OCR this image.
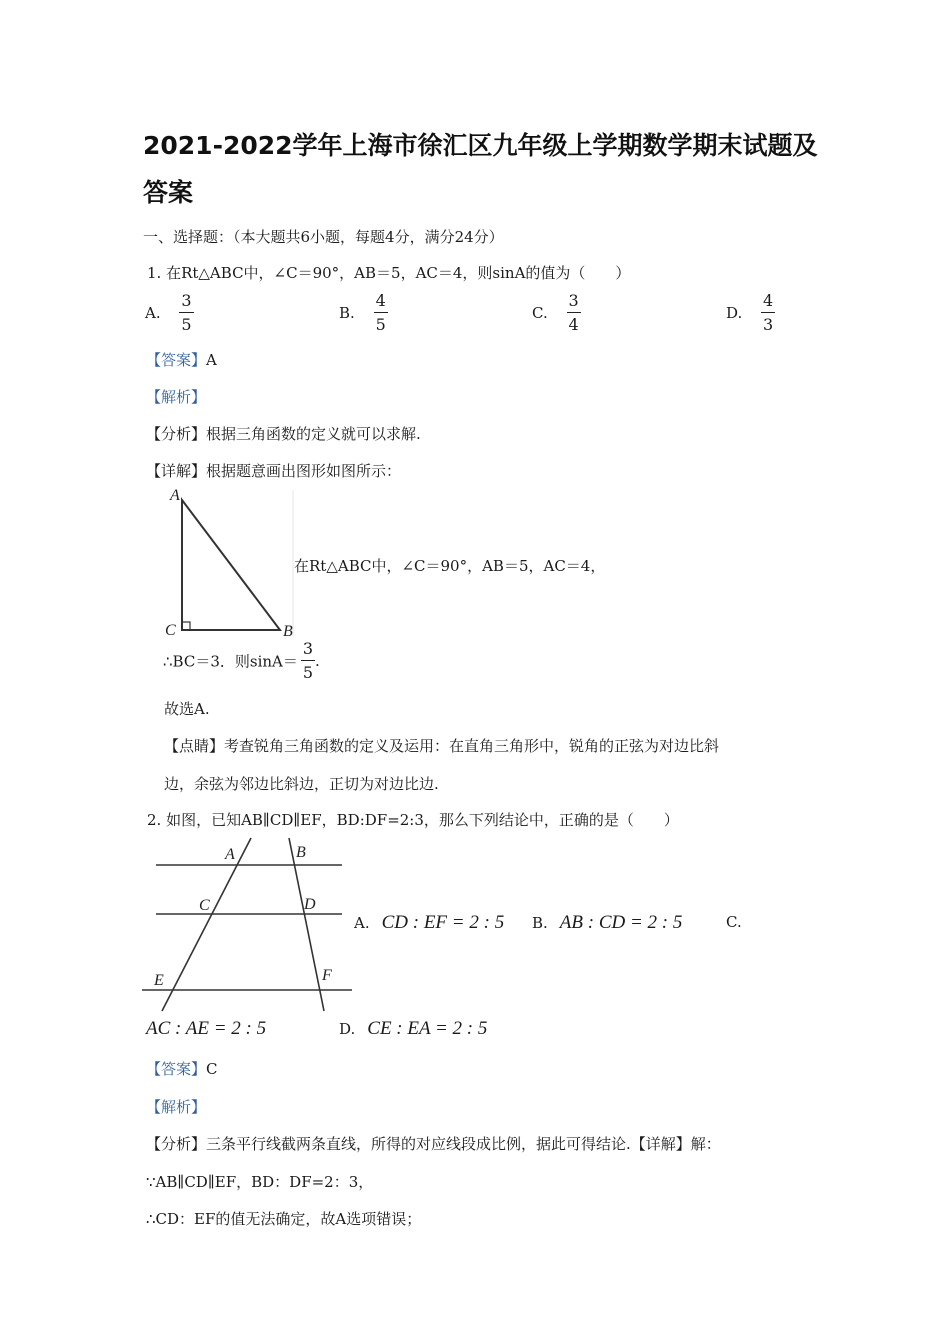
2021-2022学年上海市徐汇区九年级上学期数学期末试题及
答案
一、选择题：（本大题共6小题，每题4分，满分24分）
1. 在Rt△ABC中，∠C＝90°，AB＝5，AC＝4，则sinA的值为（　　）
A. $\frac{3}{5}$	B. $\frac{4}{5}$	C. $\frac{3}{4}$	D. $\frac{4}{3}$
【答案】A
【解析】
【分析】根据三角函数的定义就可以求解.
【详解】根据题意画出图形如图所示：
A
C	B
在Rt△ABC中，∠C＝90°，AB＝5，AC＝4，
∴BC＝3．则$\sin A= \frac{3}{5}$ .
故选A.
【点睛】考查锐角三角函数的定义及运用：在直角三角形中，锐角的正弦为对边比斜
边，余弦为邻边比斜边，正切为对边比边.
2. 如图，已知AB∥CD∥EF，BD:DF=2:3，那么下列结论中，正确的是（　　）
A	B
C	D
E	F
A. CD : EF = 2 : 5 B. AB : CD = 2 : 5	C.
AC : AE = 2 : 5	D. CE : EA = 2 : 5
【答案】C
【解析】
【分析】三条平行线截两条直线，所得的对应线段成比例，据此可得结论.【详解】解：
∵AB∥CD∥EF，BD：DF=2：3，
∴CD：EF的值无法确定，故A选项错误；
